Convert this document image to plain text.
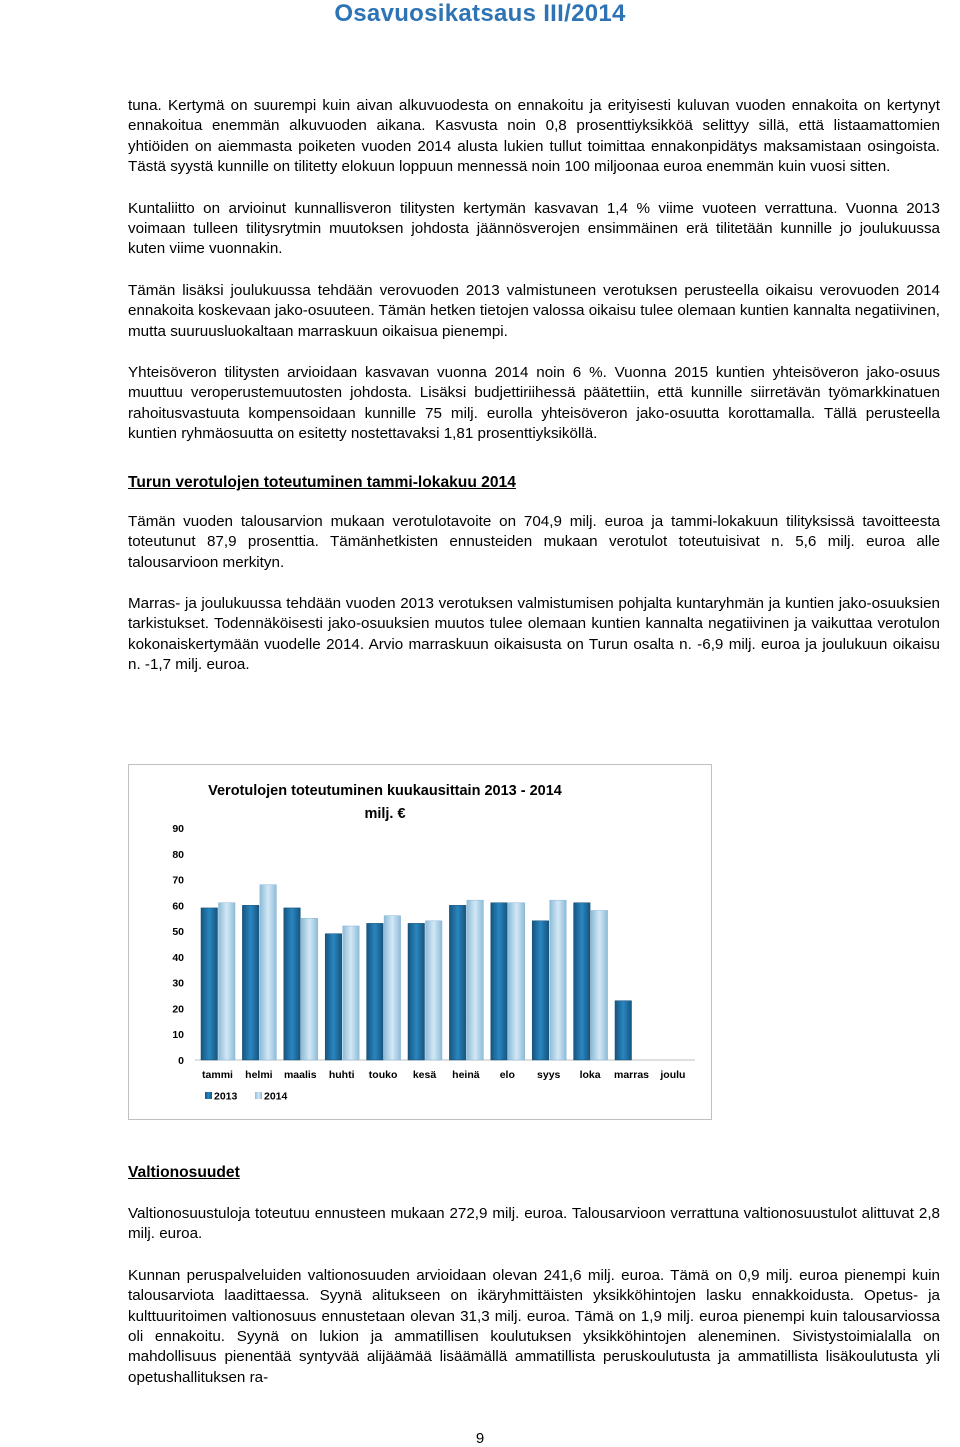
Osavuosikatsaus III/2014

tuna. Kertymä on suurempi kuin aivan alkuvuodesta on ennakoitu ja erityisesti kuluvan vuoden ennakoita on kertynyt ennakoitua enemmän alkuvuoden aikana. Kasvusta noin 0,8 prosenttiyksikköä selittyy sillä, että listaamattomien yhtiöiden on aiemmasta poiketen vuoden 2014 alusta lukien tullut toimittaa ennakonpidätys maksamistaan osingoista. Tästä syystä kunnille on tilitetty elokuun loppuun mennessä noin 100 miljoonaa euroa enemmän kuin vuosi sitten.

Kuntaliitto on arvioinut kunnallisveron tilitysten kertymän kasvavan 1,4 % viime vuoteen verrattuna. Vuonna 2013 voimaan tulleen tilitysrytmin muutoksen johdosta jäännösverojen ensimmäinen erä tilitetään kunnille jo joulukuussa kuten viime vuonnakin.

Tämän lisäksi joulukuussa tehdään verovuoden 2013 valmistuneen verotuksen perusteella oikaisu verovuoden 2014 ennakoita koskevaan jako-osuuteen. Tämän hetken tietojen valossa oikaisu tulee olemaan kuntien kannalta negatiivinen, mutta suuruusluokaltaan marraskuun oikaisua pienempi.

Yhteisöveron tilitysten arvioidaan kasvavan vuonna 2014 noin 6 %. Vuonna 2015 kuntien yhteisöveron jako-osuus muuttuu veroperustemuutosten johdosta. Lisäksi budjettiriihessä päätettiin, että kunnille siirretävän työmarkkinatuen rahoitusvastuuta kompensoidaan kunnille 75 milj. eurolla yhteisöveron jako-osuutta korottamalla. Tällä perusteella kuntien ryhmäosuutta on esitetty nostettavaksi 1,81 prosenttiyksiköllä.

Turun verotulojen toteutuminen tammi-lokakuu 2014

Tämän vuoden talousarvion mukaan verotulotavoite on 704,9 milj. euroa ja tammi-lokakuun tilityksissä tavoitteesta toteutunut 87,9 prosenttia. Tämänhetkisten ennusteiden mukaan verotulot toteutuisivat n. 5,6 milj. euroa alle talousarvioon merkityn.

Marras- ja joulukuussa tehdään vuoden 2013 verotuksen valmistumisen pohjalta kuntaryhmän ja kuntien jako-osuuksien tarkistukset. Todennäköisesti jako-osuuksien muutos tulee olemaan kuntien kannalta negatiivinen ja vaikuttaa verotulon kokonaiskertymään vuodelle 2014. Arvio marraskuun oikaisusta on Turun osalta n. -6,9 milj. euroa ja joulukuun oikaisu n. -1,7 milj. euroa.

Verotulojen toteutuminen kuukausittain 2013 - 2014
milj. €
0
10
20
30
40
50
60
70
80
90
tammi helmi maalis huhti touko kesä heinä elo syys loka marras joulu
2013	2014

Valtionosuudet

Valtionosuustuloja toteutuu ennusteen mukaan 272,9 milj. euroa. Talousarvioon verrattuna valtionosuustulot alittuvat 2,8 milj. euroa.

Kunnan peruspalveluiden valtionosuuden arvioidaan olevan 241,6 milj. euroa. Tämä on 0,9 milj. euroa pienempi kuin talousarviota laadittaessa. Syynä alitukseen on ikäryhmittäisten yksikköhintojen lasku ennakkoidusta. Opetus- ja kulttuuritoimen valtionosuus ennustetaan olevan 31,3 milj. euroa. Tämä on 1,9 milj. euroa pienempi kuin talousarviossa oli ennakoitu. Syynä on lukion ja ammatillisen koulutuksen yksikköhintojen aleneminen. Sivistystoimialalla on mahdollisuus pienentää syntyvää alijäämää lisäämällä ammatillista peruskoulutusta ja ammatillista lisäkoulutusta yli opetushallituksen ra-

9
